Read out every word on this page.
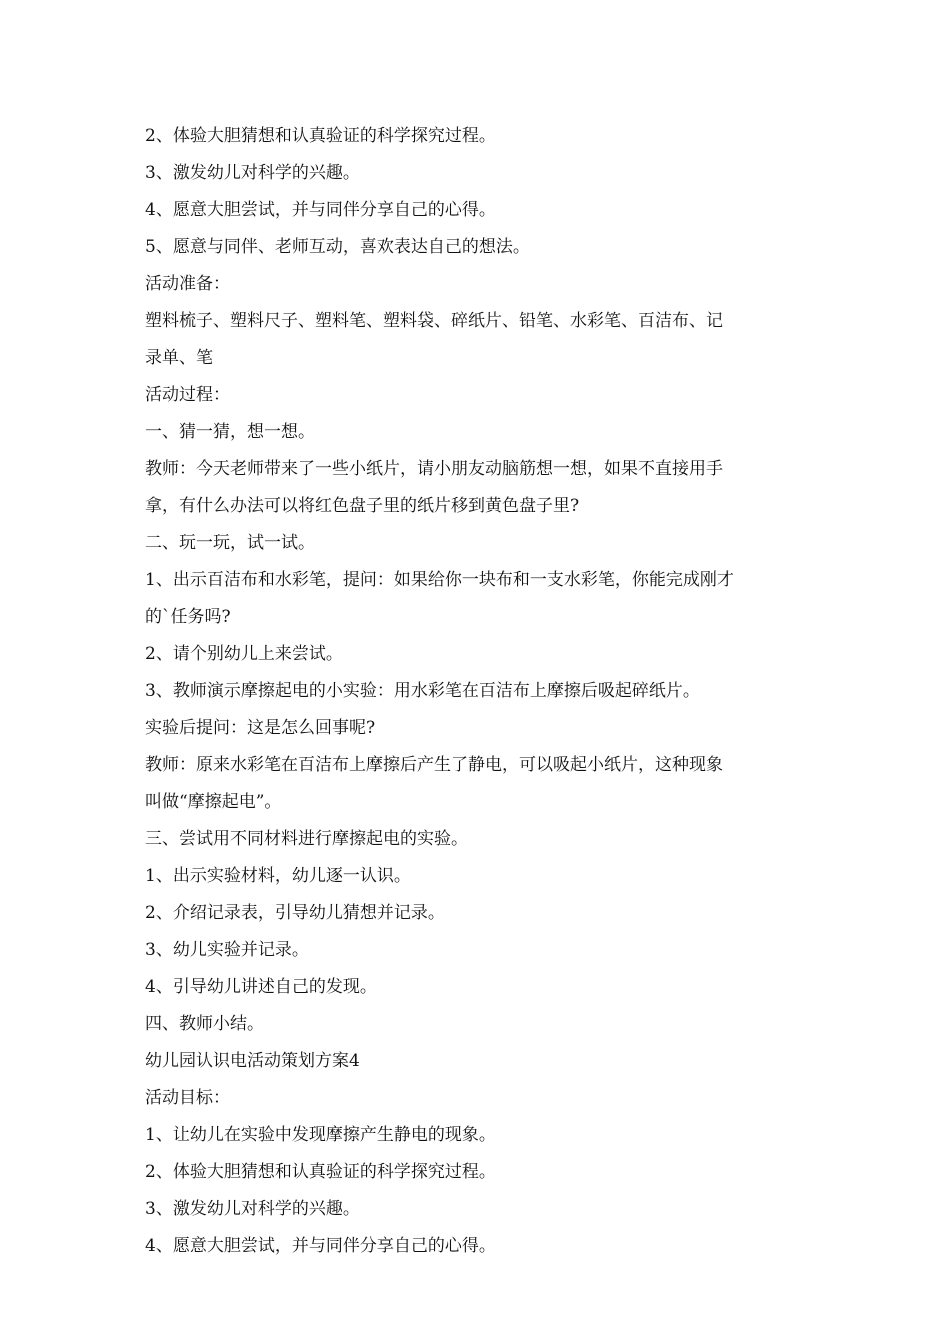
2、体验大胆猜想和认真验证的科学探究过程。

3、激发幼儿对科学的兴趣。

4、愿意大胆尝试，并与同伴分享自己的心得。

5、愿意与同伴、老师互动，喜欢表达自己的想法。

活动准备：

塑料梳子、塑料尺子、塑料笔、塑料袋、碎纸片、铅笔、水彩笔、百洁布、记

录单、笔

活动过程：

一、猜一猜，想一想。

教师：今天老师带来了一些小纸片，请小朋友动脑筋想一想，如果不直接用手

拿，有什么办法可以将红色盘子里的纸片移到黄色盘子里?

二、玩一玩，试一试。

1、出示百洁布和水彩笔，提问：如果给你一块布和一支水彩笔，你能完成刚才

的`任务吗?

2、请个别幼儿上来尝试。

3、教师演示摩擦起电的小实验：用水彩笔在百洁布上摩擦后吸起碎纸片。

实验后提问：这是怎么回事呢?

教师：原来水彩笔在百洁布上摩擦后产生了静电，可以吸起小纸片，这种现象

叫做“摩擦起电”。

三、尝试用不同材料进行摩擦起电的实验。

1、出示实验材料，幼儿逐一认识。

2、介绍记录表，引导幼儿猜想并记录。

3、幼儿实验并记录。

4、引导幼儿讲述自己的发现。

四、教师小结。

幼儿园认识电活动策划方案4

活动目标：

1、让幼儿在实验中发现摩擦产生静电的现象。

2、体验大胆猜想和认真验证的科学探究过程。

3、激发幼儿对科学的兴趣。

4、愿意大胆尝试，并与同伴分享自己的心得。
